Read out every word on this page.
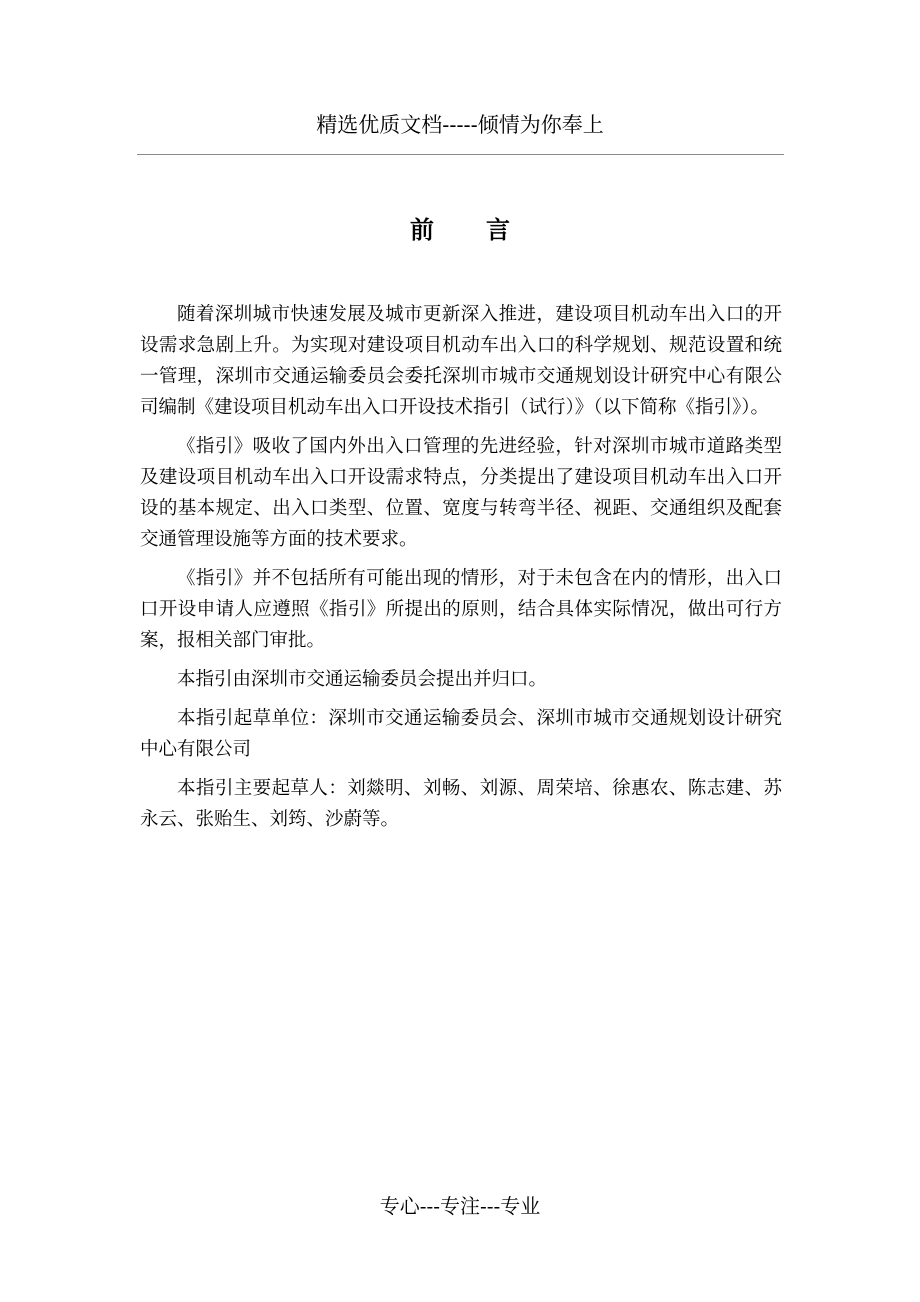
精选优质文档-----倾情为你奉上
前 言

随着深圳城市快速发展及城市更新深入推进，建设项目机动车出入口的开设需求急剧上升。为实现对建设项目机动车出入口的科学规划、规范设置和统一管理，深圳市交通运输委员会委托深圳市城市交通规划设计研究中心有限公司编制《建设项目机动车出入口开设技术指引（试行）》（以下简称《指引》）。

《指引》吸收了国内外出入口管理的先进经验，针对深圳市城市道路类型及建设项目机动车出入口开设需求特点，分类提出了建设项目机动车出入口开设的基本规定、出入口类型、位置、宽度与转弯半径、视距、交通组织及配套交通管理设施等方面的技术要求。

《指引》并不包括所有可能出现的情形，对于未包含在内的情形，出入口口开设申请人应遵照《指引》所提出的原则，结合具体实际情况，做出可行方案，报相关部门审批。

本指引由深圳市交通运输委员会提出并归口。

本指引起草单位：深圳市交通运输委员会、深圳市城市交通规划设计研究中心有限公司

本指引主要起草人：刘燚明、刘畅、刘源、周荣培、徐惠农、陈志建、苏永云、张贻生、刘筠、沙蔚等。

专心---专注---专业
